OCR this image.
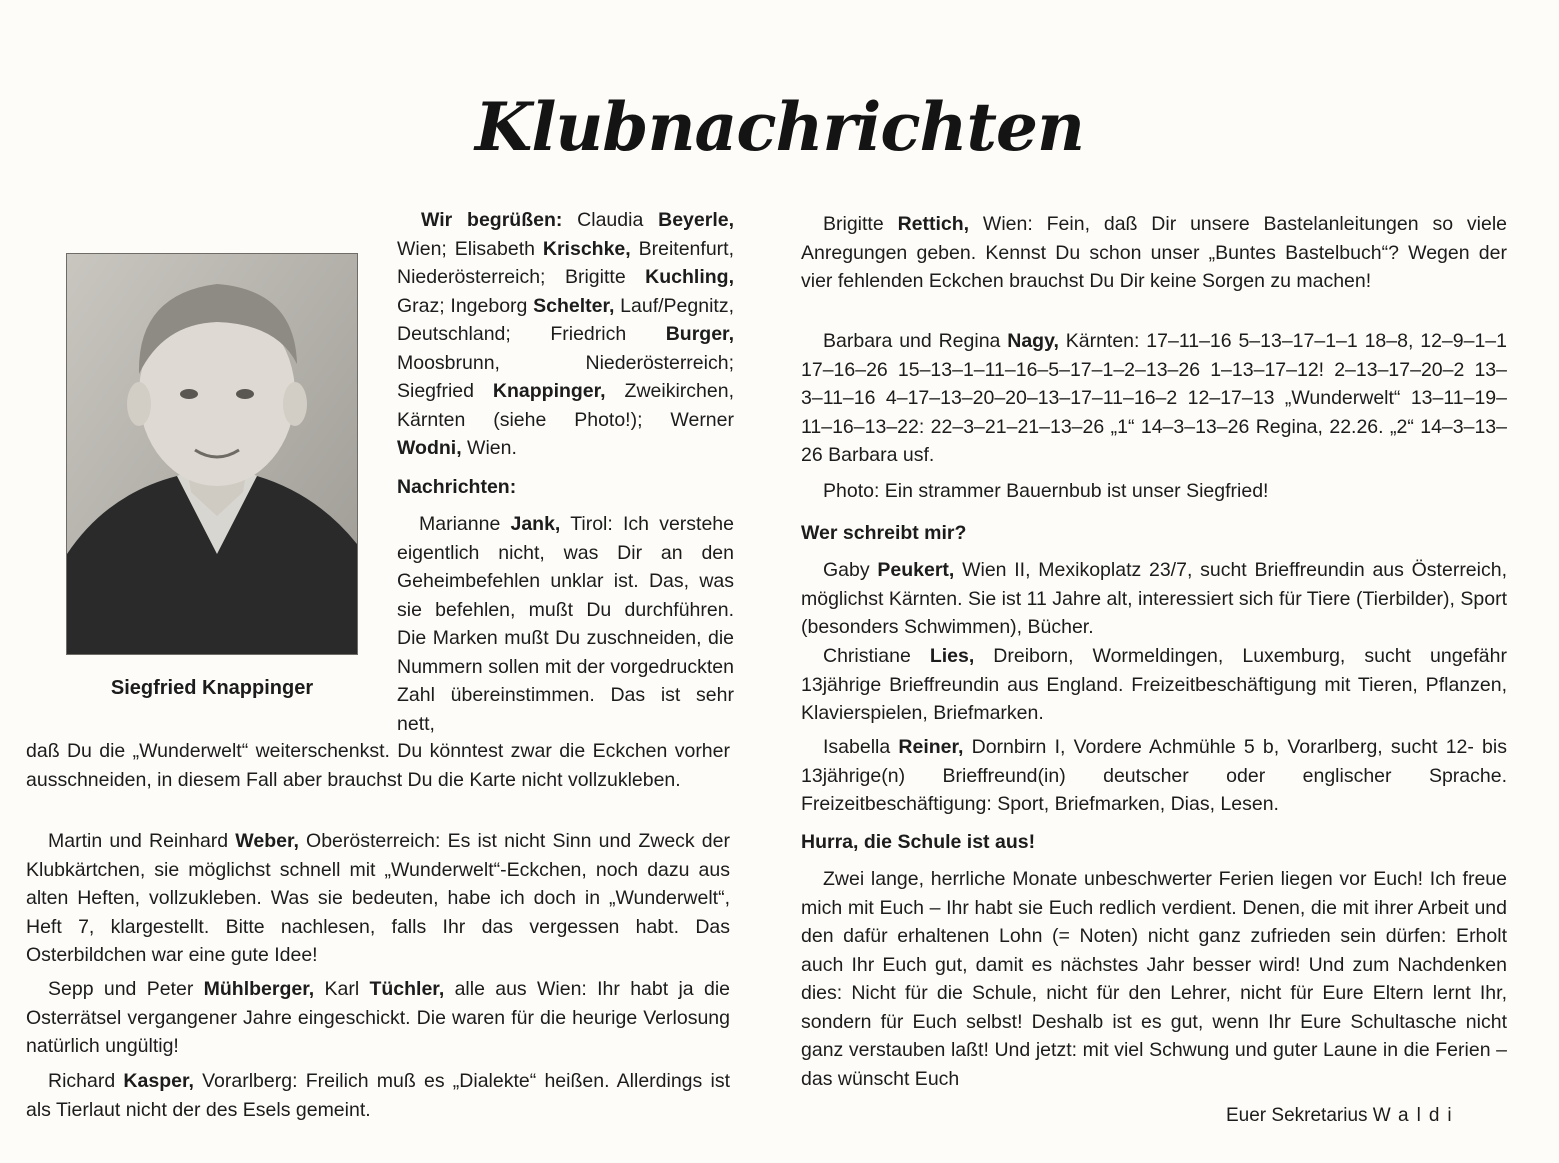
Klubnachrichten
Siegfried Knappinger
Wir begrüßen: Claudia Beyerle, Wien; Elisabeth Krischke, Breitenfurt, Niederösterreich; Brigitte Kuchling, Graz; Ingeborg Schelter, Lauf/Pegnitz, Deutschland; Friedrich Burger, Moosbrunn, Niederösterreich; Siegfried Knappinger, Zweikirchen, Kärnten (siehe Photo!); Werner Wodni, Wien.
Nachrichten:
Marianne Jank, Tirol: Ich verstehe eigentlich nicht, was Dir an den Geheimbefehlen unklar ist. Das, was sie befehlen, mußt Du durchführen. Die Marken mußt Du zuschneiden, die Nummern sollen mit der vorgedruckten Zahl übereinstimmen. Das ist sehr nett,
daß Du die „Wunderwelt“ weiterschenkst. Du könntest zwar die Eckchen vorher ausschneiden, in diesem Fall aber brauchst Du die Karte nicht vollzukleben.
Martin und Reinhard Weber, Oberösterreich: Es ist nicht Sinn und Zweck der Klubkärtchen, sie möglichst schnell mit „Wunderwelt“-Eckchen, noch dazu aus alten Heften, vollzukleben. Was sie bedeuten, habe ich doch in „Wunderwelt“, Heft 7, klargestellt. Bitte nachlesen, falls Ihr das vergessen habt. Das Osterbildchen war eine gute Idee!
Sepp und Peter Mühlberger, Karl Tüchler, alle aus Wien: Ihr habt ja die Osterrätsel vergangener Jahre eingeschickt. Die waren für die heurige Verlosung natürlich ungültig!
Richard Kasper, Vorarlberg: Freilich muß es „Dialekte“ heißen. Allerdings ist als Tierlaut nicht der des Esels gemeint.
Brigitte Rettich, Wien: Fein, daß Dir unsere Bastelanleitungen so viele Anregungen geben. Kennst Du schon unser „Buntes Bastelbuch“? Wegen der vier fehlenden Eckchen brauchst Du Dir keine Sorgen zu machen!
Barbara und Regina Nagy, Kärnten: 17–11–16 5–13–17–1–1 18–8, 12–9–1–1 17–16–26 15–13–1–11–16–5–17–1–2–13–26 1–13–17–12! 2–13–17–20–2 13–3–11–16 4–17–13–20–20–13–17–11–16–2 12–17–13 „Wunderwelt“ 13–11–19–11–16–13–22: 22–3–21–21–13–26 „1“ 14–3–13–26 Regina, 22.26. „2“ 14–3–13–26 Barbara usf.
Photo: Ein strammer Bauernbub ist unser Siegfried!
Wer schreibt mir?
Gaby Peukert, Wien II, Mexikoplatz 23/7, sucht Brieffreundin aus Österreich, möglichst Kärnten. Sie ist 11 Jahre alt, interessiert sich für Tiere (Tierbilder), Sport (besonders Schwimmen), Bücher.
Christiane Lies, Dreiborn, Wormeldingen, Luxemburg, sucht ungefähr 13jährige Brieffreundin aus England. Freizeitbeschäftigung mit Tieren, Pflanzen, Klavierspielen, Briefmarken.
Isabella Reiner, Dornbirn I, Vordere Achmühle 5 b, Vorarlberg, sucht 12- bis 13jährige(n) Brieffreund(in) deutscher oder englischer Sprache. Freizeitbeschäftigung: Sport, Briefmarken, Dias, Lesen.
Hurra, die Schule ist aus!
Zwei lange, herrliche Monate unbeschwerter Ferien liegen vor Euch! Ich freue mich mit Euch – Ihr habt sie Euch redlich verdient. Denen, die mit ihrer Arbeit und den dafür erhaltenen Lohn (= Noten) nicht ganz zufrieden sein dürfen: Erholt auch Ihr Euch gut, damit es nächstes Jahr besser wird! Und zum Nachdenken dies: Nicht für die Schule, nicht für den Lehrer, nicht für Eure Eltern lernt Ihr, sondern für Euch selbst! Deshalb ist es gut, wenn Ihr Eure Schultasche nicht ganz verstauben laßt! Und jetzt: mit viel Schwung und guter Laune in die Ferien – das wünscht Euch
Euer Sekretarius Waldi
